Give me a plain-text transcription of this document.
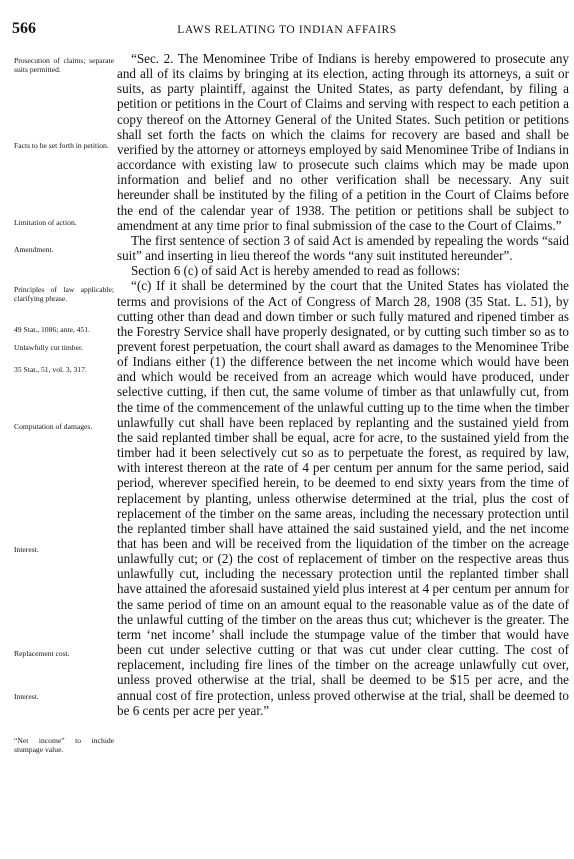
566	LAWS RELATING TO INDIAN AFFAIRS
Prosecution of claims; separate suits permitted.
Facts to be set forth in petition.
Limitation of action.
Amendment.
Principles of law applicable; clarifying phrase.
49 Stat., 1086; ante, 451.
Unlawfully cut timber.
35 Stat., 51, vol. 3, 317.
Computation of damages.
Interest.
Replacement cost.
Interest.
“Net income” to include stumpage value.

“Sec. 2. The Menominee Tribe of Indians is hereby empowered to prosecute any and all of its claims by bringing at its election, acting through its attorneys, a suit or suits, as party plaintiff, against the United States, as party defendant, by filing a petition or petitions in the Court of Claims and serving with respect to each petition a copy thereof on the Attorney General of the United States. Such petition or petitions shall set forth the facts on which the claims for recovery are based and shall be verified by the attorney or attorneys employed by said Menominee Tribe of Indians in accordance with existing law to prosecute such claims which may be made upon information and belief and no other verification shall be necessary. Any suit hereunder shall be instituted by the filing of a petition in the Court of Claims before the end of the calendar year of 1938. The petition or petitions shall be subject to amendment at any time prior to final submission of the case to the Court of Claims.”

The first sentence of section 3 of said Act is amended by repealing the words “said suit” and inserting in lieu thereof the words “any suit instituted hereunder”.

Section 6 (c) of said Act is hereby amended to read as follows:

“(c) If it shall be determined by the court that the United States has violated the terms and provisions of the Act of Congress of March 28, 1908 (35 Stat. L. 51), by cutting other than dead and down timber or such fully matured and ripened timber as the Forestry Service shall have properly designated, or by cutting such timber so as to prevent forest perpetuation, the court shall award as damages to the Menominee Tribe of Indians either (1) the difference between the net income which would have been and which would be received from an acreage which would have produced, under selective cutting, if then cut, the same volume of timber as that unlawfully cut, from the time of the commencement of the unlawful cutting up to the time when the timber unlawfully cut shall have been replaced by replanting and the sustained yield from the said replanted timber shall be equal, acre for acre, to the sustained yield from the timber had it been selectively cut so as to perpetuate the forest, as required by law, with interest thereon at the rate of 4 per centum per annum for the same period, said period, wherever specified herein, to be deemed to end sixty years from the time of replacement by planting, unless otherwise determined at the trial, plus the cost of replacement of the timber on the same areas, including the necessary protection until the replanted timber shall have attained the said sustained yield, and the net income that has been and will be received from the liquidation of the timber on the acreage unlawfully cut; or (2) the cost of replacement of timber on the respective areas thus unlawfully cut, including the necessary protection until the replanted timber shall have attained the aforesaid sustained yield plus interest at 4 per centum per annum for the same period of time on an amount equal to the reasonable value as of the date of the unlawful cutting of the timber on the areas thus cut; whichever is the greater. The term ‘net income’ shall include the stumpage value of the timber that would have been cut under selective cutting or that was cut under clear cutting. The cost of replacement, including fire lines of the timber on the acreage unlawfully cut over, unless proved otherwise at the trial, shall be deemed to be $15 per acre, and the annual cost of fire protection, unless proved otherwise at the trial, shall be deemed to be 6 cents per acre per year.”
